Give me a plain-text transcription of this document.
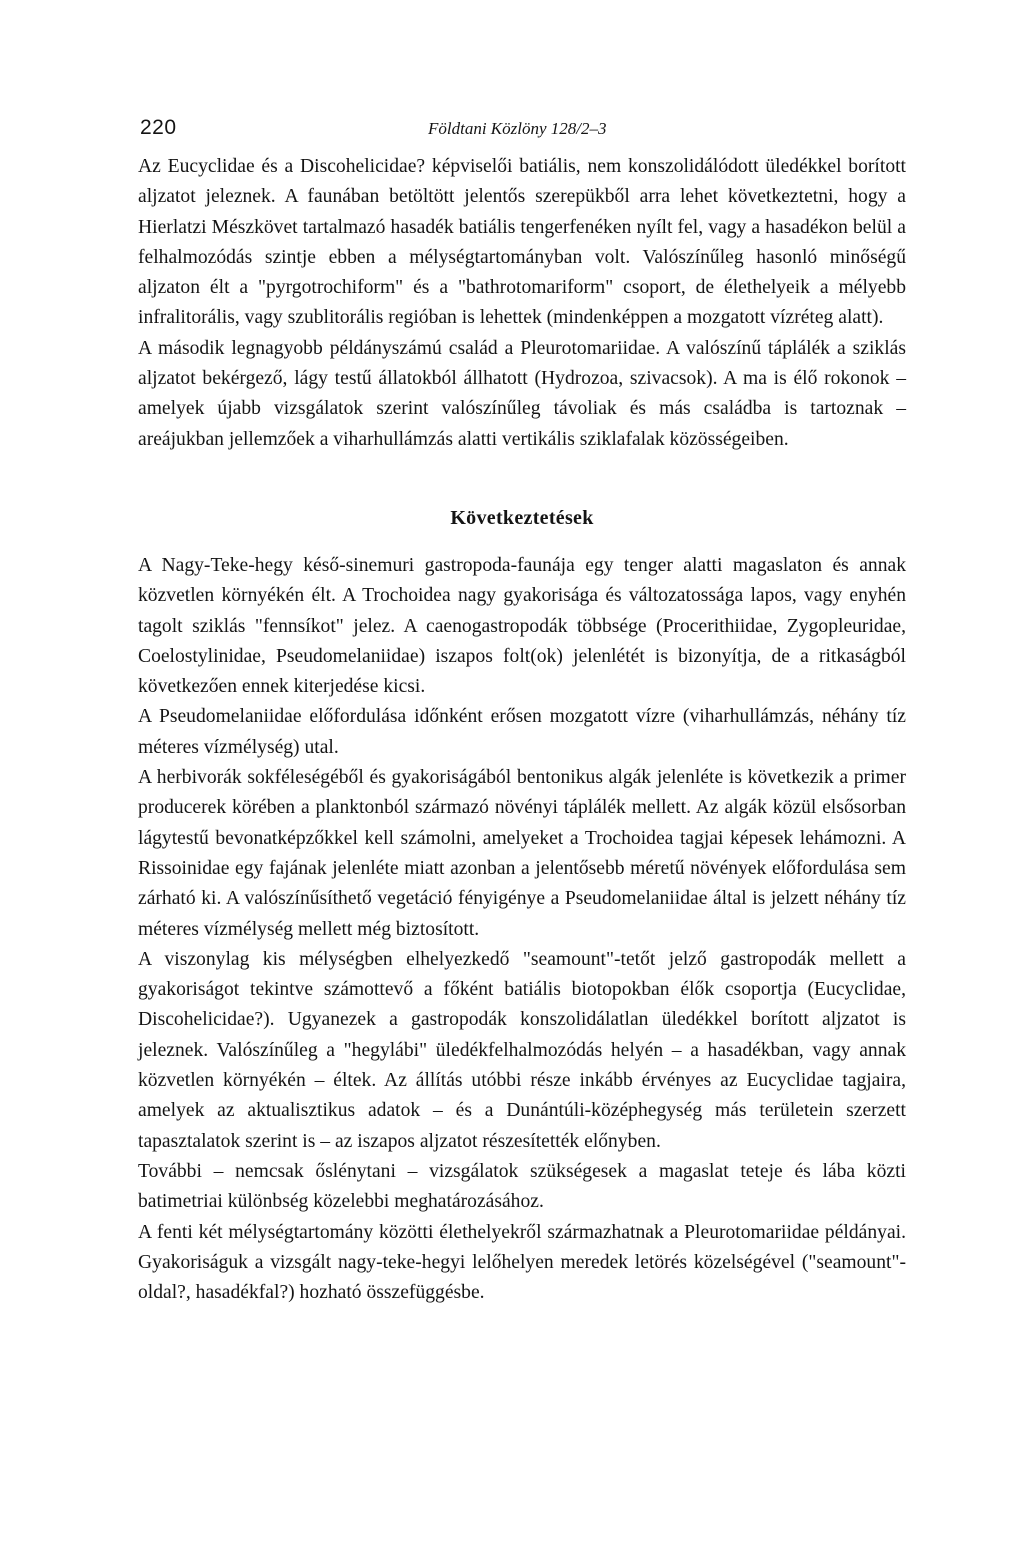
220	Földtani Közlöny 128/2–3

Az Eucyclidae és a Discohelicidae? képviselői batiális, nem konszolidálódott üledékkel borított aljzatot jeleznek. A faunában betöltött jelentős szerepükből arra lehet következtetni, hogy a Hierlatzi Mészkövet tartalmazó hasadék batiális tengerfenéken nyílt fel, vagy a hasadékon belül a felhalmozódás szintje ebben a mélységtartományban volt. Valószínűleg hasonló minőségű aljzaton élt a "pyrgotrochiform" és a "bathrotomariform" csoport, de élethelyeik a mélyebb infralitorális, vagy szublitorális regióban is lehettek (mindenképpen a mozgatott vízréteg alatt).

A második legnagyobb példányszámú család a Pleurotomariidae. A valószínű táplálék a sziklás aljzatot bekérgező, lágy testű állatokból állhatott (Hydrozoa, szivacsok). A ma is élő rokonok – amelyek újabb vizsgálatok szerint valószínűleg távoliak és más családba is tartoznak – areájukban jellemzőek a viharhullámzás alatti vertikális sziklafalak közösségeiben.

Következtetések

A Nagy-Teke-hegy késő-sinemuri gastropoda-faunája egy tenger alatti magaslaton és annak közvetlen környékén élt. A Trochoidea nagy gyakorisága és változatossága lapos, vagy enyhén tagolt sziklás "fennsíkot" jelez. A caenogastropodák többsége (Procerithiidae, Zygopleuridae, Coelostylinidae, Pseudomelaniidae) iszapos folt(ok) jelenlétét is bizonyítja, de a ritkaságból következően ennek kiterjedése kicsi.

A Pseudomelaniidae előfordulása időnként erősen mozgatott vízre (viharhullámzás, néhány tíz méteres vízmélység) utal.

A herbivorák sokféleségéből és gyakoriságából bentonikus algák jelenléte is következik a primer producerek körében a planktonból származó növényi táplálék mellett. Az algák közül elsősorban lágytestű bevonatképzőkkel kell számolni, amelyeket a Trochoidea tagjai képesek lehámozni. A Rissoinidae egy fajának jelenléte miatt azonban a jelentősebb méretű növények előfordulása sem zárható ki. A valószínűsíthető vegetáció fényigénye a Pseudomelaniidae által is jelzett néhány tíz méteres vízmélység mellett még biztosított.

A viszonylag kis mélységben elhelyezkedő "seamount"-tetőt jelző gastropodák mellett a gyakoriságot tekintve számottevő a főként batiális biotopokban élők csoportja (Eucyclidae, Discohelicidae?). Ugyanezek a gastropodák konszolidálatlan üledékkel borított aljzatot is jeleznek. Valószínűleg a "hegylábi" üledékfelhalmozódás helyén – a hasadékban, vagy annak közvetlen környékén – éltek. Az állítás utóbbi része inkább érvényes az Eucyclidae tagjaira, amelyek az aktualisztikus adatok – és a Dunántúli-középhegység más területein szerzett tapasztalatok szerint is – az iszapos aljzatot részesítették előnyben.

További – nemcsak őslénytani – vizsgálatok szükségesek a magaslat teteje és lába közti batimetriai különbség közelebbi meghatározásához.

A fenti két mélységtartomány közötti élethelyekről származhatnak a Pleurotomariidae példányai. Gyakoriságuk a vizsgált nagy-teke-hegyi lelőhelyen meredek letörés közelségével ("seamount"-oldal?, hasadékfal?) hozható összefüggésbe.
